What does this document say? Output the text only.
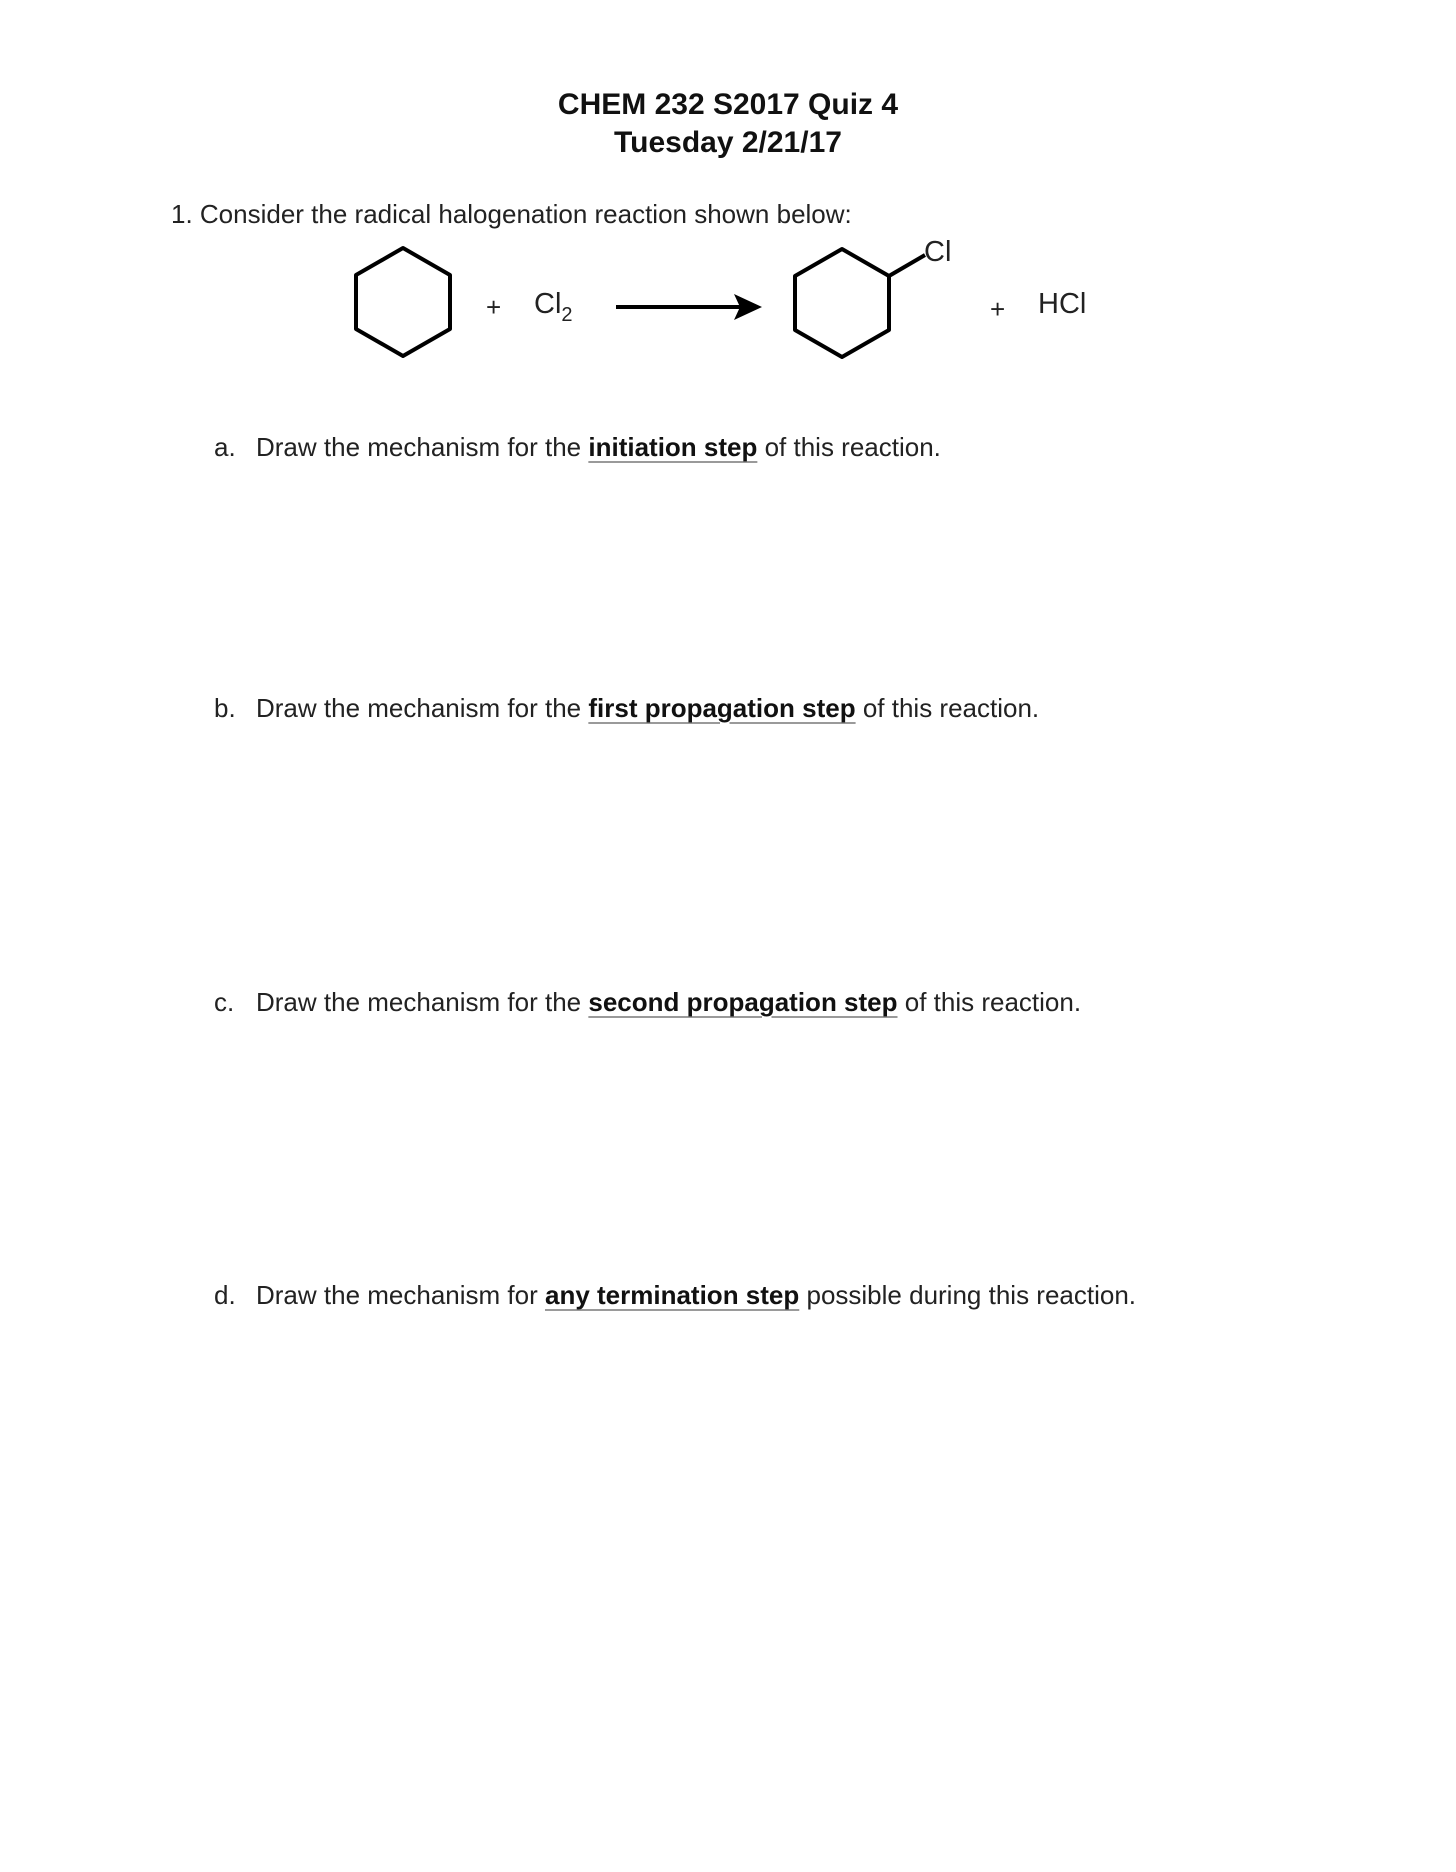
CHEM 232 S2017 Quiz 4
Tuesday 2/21/17
1. Consider the radical halogenation reaction shown below:
+ $Cl_2$
Cl
+ HCl
a. Draw the mechanism for the initiation step of this reaction.
b. Draw the mechanism for the first propagation step of this reaction.
c. Draw the mechanism for the second propagation step of this reaction.
d. Draw the mechanism for any termination step possible during this reaction.
